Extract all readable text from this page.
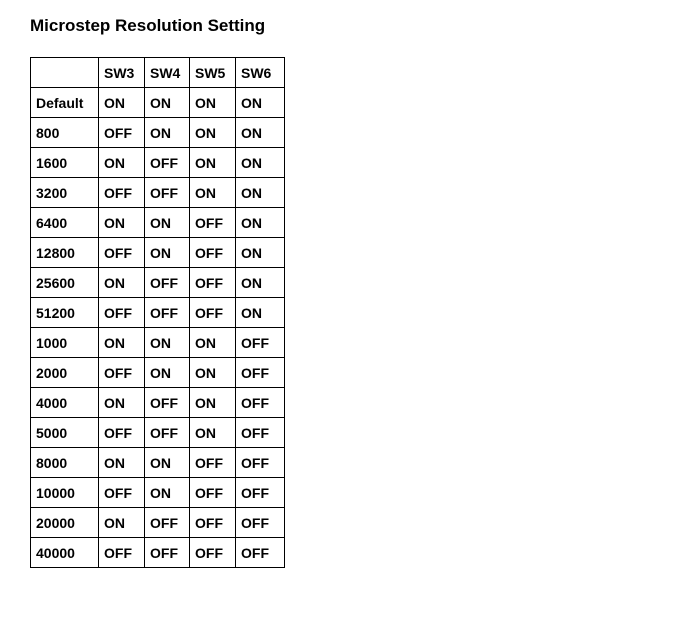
Microstep Resolution Setting
	SW3	SW4	SW5	SW6
Default	ON	ON	ON	ON
800	OFF	ON	ON	ON
1600	ON	OFF	ON	ON
3200	OFF	OFF	ON	ON
6400	ON	ON	OFF	ON
12800	OFF	ON	OFF	ON
25600	ON	OFF	OFF	ON
51200	OFF	OFF	OFF	ON
1000	ON	ON	ON	OFF
2000	OFF	ON	ON	OFF
4000	ON	OFF	ON	OFF
5000	OFF	OFF	ON	OFF
8000	ON	ON	OFF	OFF
10000	OFF	ON	OFF	OFF
20000	ON	OFF	OFF	OFF
40000	OFF	OFF	OFF	OFF
